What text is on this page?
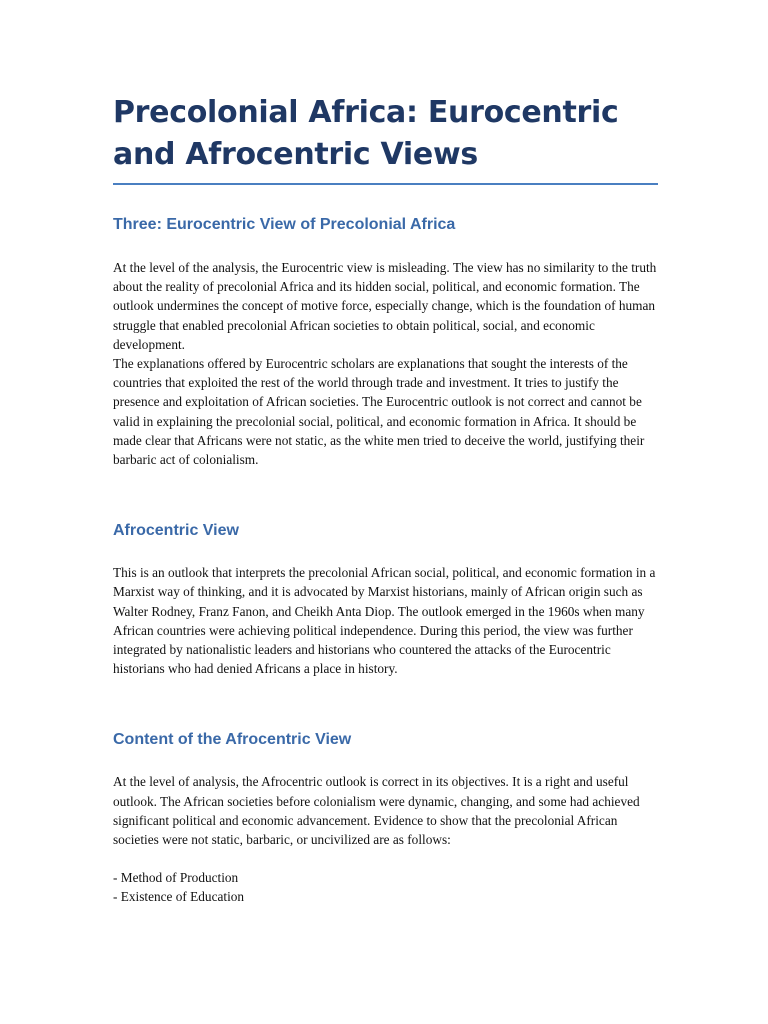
Precolonial Africa: Eurocentric and Afrocentric Views
Three: Eurocentric View of Precolonial Africa

At the level of the analysis, the Eurocentric view is misleading. The view has no similarity to the truth about the reality of precolonial Africa and its hidden social, political, and economic formation. The outlook undermines the concept of motive force, especially change, which is the foundation of human struggle that enabled precolonial African societies to obtain political, social, and economic development.

The explanations offered by Eurocentric scholars are explanations that sought the interests of the countries that exploited the rest of the world through trade and investment. It tries to justify the presence and exploitation of African societies. The Eurocentric outlook is not correct and cannot be valid in explaining the precolonial social, political, and economic formation in Africa. It should be made clear that Africans were not static, as the white men tried to deceive the world, justifying their barbaric act of colonialism.

Afrocentric View

This is an outlook that interprets the precolonial African social, political, and economic formation in a Marxist way of thinking, and it is advocated by Marxist historians, mainly of African origin such as Walter Rodney, Franz Fanon, and Cheikh Anta Diop. The outlook emerged in the 1960s when many African countries were achieving political independence. During this period, the view was further integrated by nationalistic leaders and historians who countered the attacks of the Eurocentric historians who had denied Africans a place in history.

Content of the Afrocentric View

At the level of analysis, the Afrocentric outlook is correct in its objectives. It is a right and useful outlook. The African societies before colonialism were dynamic, changing, and some had achieved significant political and economic advancement. Evidence to show that the precolonial African societies were not static, barbaric, or uncivilized are as follows:

- Method of Production

- Existence of Education
